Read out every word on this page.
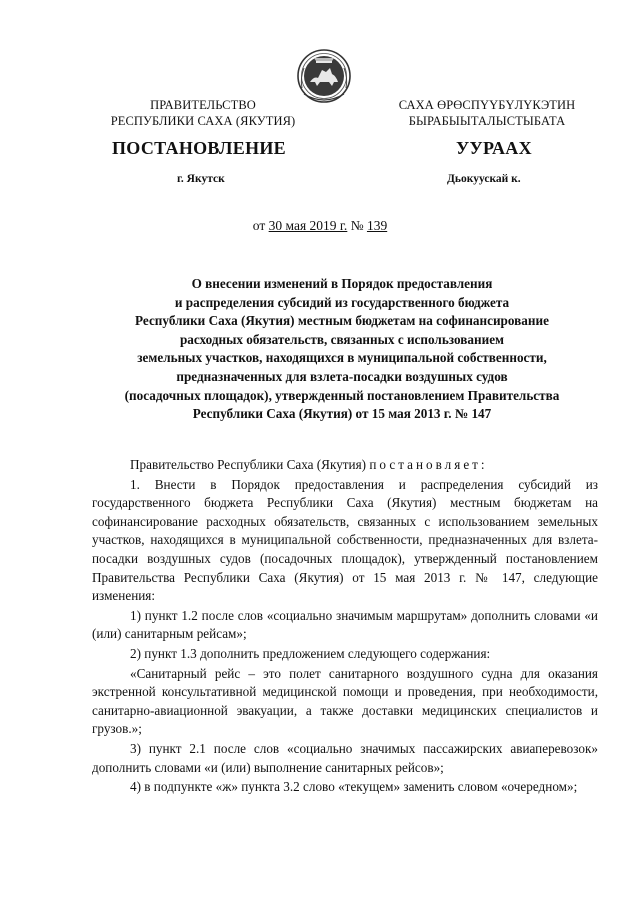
ПРАВИТЕЛЬСТВО
РЕСПУБЛИКИ САХА (ЯКУТИЯ)
САХА ӨРӨСПҮҮБҮЛҮКЭТИН
БЫРАБЫЫТАЛЫСТЫБАТА
ПОСТАНОВЛЕНИЕ	УУРААХ
г. Якутск	Дьокуускай к.
от 30 мая 2019 г. № 139
О внесении изменений в Порядок предоставления
и распределения субсидий из государственного бюджета
Республики Саха (Якутия) местным бюджетам на софинансирование
расходных обязательств, связанных с использованием
земельных участков, находящихся в муниципальной собственности,
предназначенных для взлета-посадки воздушных судов
(посадочных площадок), утвержденный постановлением Правительства
Республики Саха (Якутия) от 15 мая 2013 г. № 147

Правительство Республики Саха (Якутия) постановляет:

1. Внести в Порядок предоставления и распределения субсидий из государственного бюджета Республики Саха (Якутия) местным бюджетам на софинансирование расходных обязательств, связанных с использованием земельных участков, находящихся в муниципальной собственности, предназначенных для взлета-посадки воздушных судов (посадочных площадок), утвержденный постановлением Правительства Республики Саха (Якутия) от 15 мая 2013 г. № 147, следующие изменения:

1) пункт 1.2 после слов «социально значимым маршрутам» дополнить словами «и (или) санитарным рейсам»;

2) пункт 1.3 дополнить предложением следующего содержания:

«Санитарный рейс – это полет санитарного воздушного судна для оказания экстренной консультативной медицинской помощи и проведения, при необходимости, санитарно-авиационной эвакуации, а также доставки медицинских специалистов и грузов.»;

3) пункт 2.1 после слов «социально значимых пассажирских авиаперевозок» дополнить словами «и (или) выполнение санитарных рейсов»;

4) в подпункте «ж» пункта 3.2 слово «текущем» заменить словом «очередном»;
